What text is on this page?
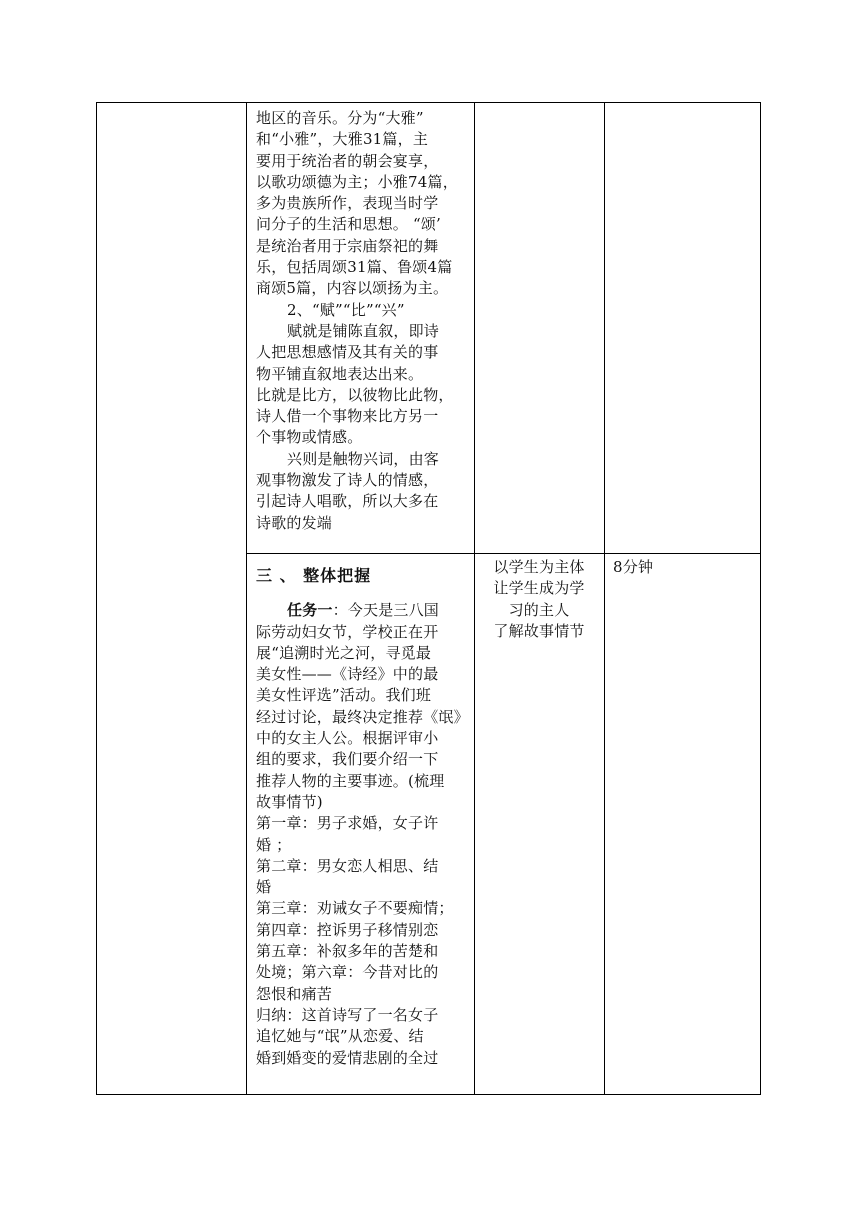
地区的音乐。分为“大雅”

和“小雅”，大雅31篇，主

要用于统治者的朝会宴享，

以歌功颂德为主；小雅74篇，

多为贵族所作，表现当时学

问分子的生活和思想。 “颂’

是统治者用于宗庙祭祀的舞

乐，包括周颂31篇、鲁颂4篇

商颂5篇，内容以颂扬为主。

2、“赋”“比”“兴”

赋就是铺陈直叙，即诗

人把思想感情及其有关的事

物平铺直叙地表达出来。

比就是比方，以彼物比此物，

诗人借一个事物来比方另一

个事物或情感。

兴则是触物兴词，由客

观事物激发了诗人的情感，

引起诗人唱歌，所以大多在

诗歌的发端

三 、 整体把握

任务一：今天是三八国

际劳动妇女节，学校正在开

展“追溯时光之河，寻觅最

美女性——《诗经》中的最

美女性评选”活动。我们班

经过讨论，最终决定推荐《氓》

中的女主人公。根据评审小

组的要求，我们要介绍一下

推荐人物的主要事迹。(梳理

故事情节)

第一章：男子求婚，女子许

婚 ；

第二章：男女恋人相思、结

婚

第三章：劝诫女子不要痴情；

第四章：控诉男子移情别恋

第五章：补叙多年的苦楚和

处境；第六章：今昔对比的

怨恨和痛苦

归纳：这首诗写了一名女子

追忆她与“氓”从恋爱、结

婚到婚变的爱情悲剧的全过

以学生为主体

让学生成为学

习的主人

了解故事情节

8分钟
